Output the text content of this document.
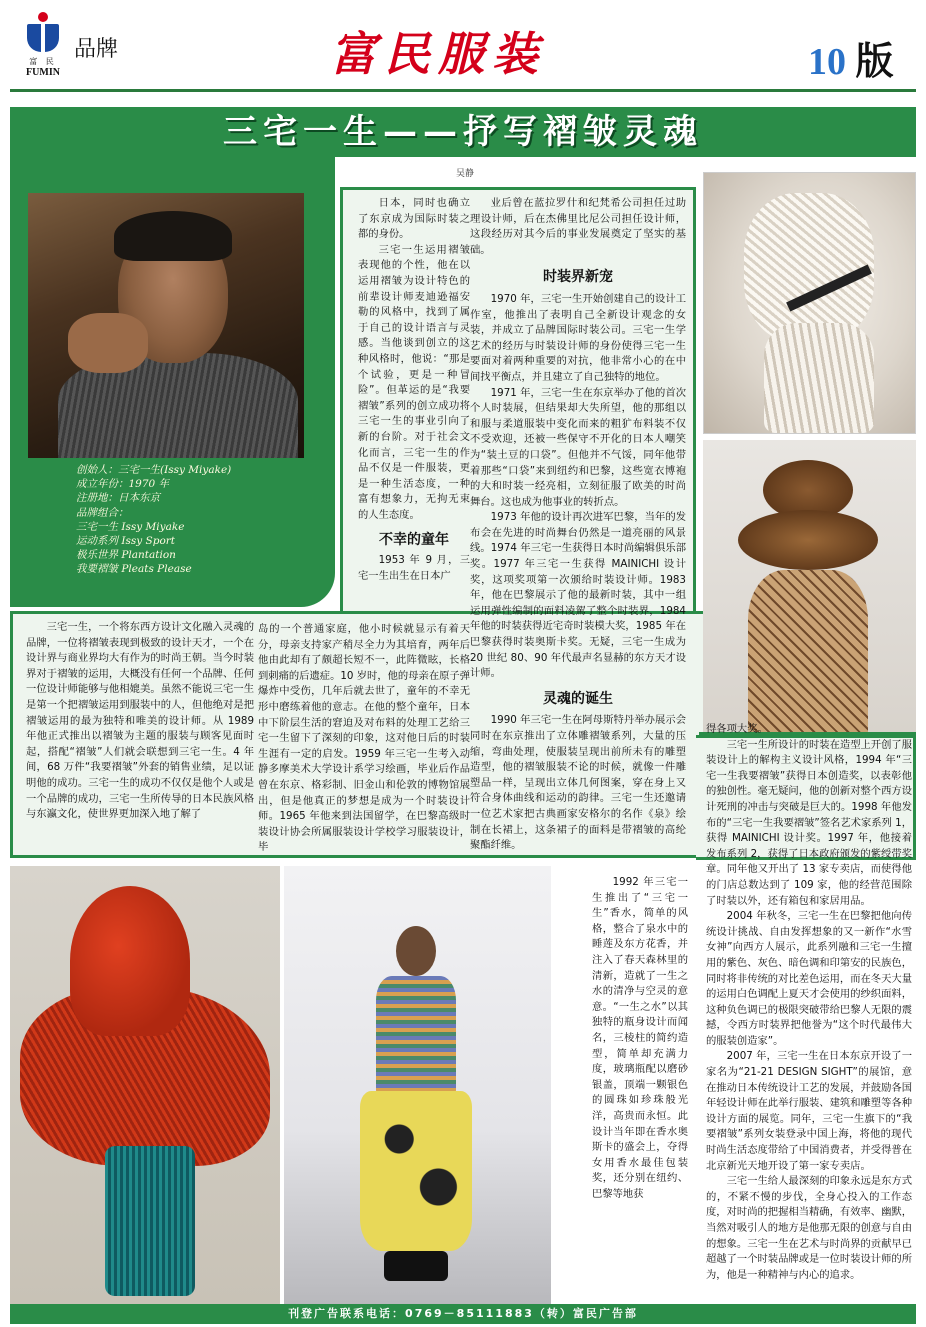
富 民
FUMIN
品牌	富民服装	10 版
三宅一生——抒写褶皱灵魂
吴静
创始人：三宅一生(Issy Miyake)
成立年份：1970 年
注册地：日本东京
品牌组合：
三宅一生 Issy Miyake
运动系列 Issy Sport
极乐世界 Plantation
我要褶皱 Pleats Please

日本，同时也确立了东京成为国际时装之都的身份。

三宅一生运用褶皱表现他的个性，他在以运用褶皱为设计特色的前辈设计师麦迪逊福安勒的风格中，找到了属于自己的设计语言与灵感。当他谈到创立的这种风格时，他说：“那是个试验，更是一种冒险”。但革运的是“我要褶皱”系列的创立成功将三宅一生的事业引向了新的台阶。对于社会文化而言，三宅一生的作品不仅是一件服装，更是一种生活态度，一种富有想象力，无拘无束的人生态度。

不幸的童年

1953 年 9 月，三宅一生出生在日本广

业后曾在蓝拉罗什和纪梵希公司担任过助理设计师，后在杰佛里比尼公司担任设计师，这段经历对其今后的事业发展奠定了坚实的基础。

时装界新宠

1970 年，三宅一生开始创建自己的设计工作室，他推出了表明自己全新设计观念的女装，并成立了品牌国际时装公司。三宅一生学艺术的经历与时装设计师的身份使得三宅一生要面对着两种重要的对抗，他非常小心的在中间找平衡点，并且建立了自己独特的地位。

1971 年，三宅一生在东京举办了他的首次个人时装展，但结果却大失所望，他的那组以和服与柔道服装中变化而来的粗犷布料装不仅不受欢迎，还被一些保守不开化的日本人嘲笑为“装土豆的口袋”。但他并不气馁，同年他带着那些“口袋”来到纽约和巴黎，这些宽衣博袍的大和时装一经亮相，立刻征服了欧美的时尚舞台。这也成为他事业的转折点。

1973 年他的设计再次进军巴黎，当年的发布会在先进的时尚舞台仍然是一道亮丽的风景线。1974 年三宅一生获得日本时尚编辑俱乐部奖。1977 年三宅一生获得 MAINICHI 设计奖，这项奖项第一次颁给时装设计师。1983 年，他在巴黎展示了他的最新时装，其中一组运用弹性编制的面料凌駕了整个时装界，1984 年他的时装获得近宅奇时装模大奖，1985 年在巴黎获得时装奥斯卡奖。无疑，三宅一生成为 20 世纪 80、90 年代最声名显赫的东方天才设计师。

灵魂的诞生

1990 年三宅一生在阿母斯特丹举办展示会同时在东京推出了立体雕褶皱系列，大量的压缩，弯曲处理，使服装呈现出前所未有的雕塑造型，他的褶皱服装不论的时候，就像一件雕塑品一样，呈现出立体几何图案，穿在身上又符合身体曲线和运动的韵律。三宅一生还邀请一位艺术家把古典画家安格尔的名作《泉》绘制在长裙上，这条裙子的面料是带褶皱的高纶聚酯纤维。

三宅一生，一个将东西方设计文化融入灵魂的品牌，一位将褶皱表现到极致的设计天才，一个在设计界与商业界均大有作为的时尚王朝。当今时装界对于褶皱的运用，大概没有任何一个品牌、任何一位设计师能够与他相媲美。虽然不能说三宅一生是第一个把褶皱运用到服装中的人，但他绝对是把褶皱运用的最为独特和唯美的设计师。从 1989 年他正式推出以褶皱为主题的服装与顾客见面时起，搭配“褶皱”人们就会联想到三宅一生。4 年间，68 万件“我要褶皱”外套的销售业绩，足以证明他的成功。三宅一生的成功不仅仅是他个人或是一个品牌的成功，三宅一生所传导的日本民族风格与东瀛文化，使世界更加深入地了解了

岛的一个普通家庭，他小时候就显示有着天分，母亲支持家产稍尽全力为其培育，两年后他由此却有了颇超长短不一，此阵微眩，长格到刺痛的后遗症。10 岁时，他的母亲在原子弹爆炸中受伤，几年后就去世了，童年的不幸无形中磨练着他的意志。在他的整个童年，日本中下阶层生活的窘迫及对布料的处理工艺给三宅一生留下了深刻的印象，这对他日后的时装生涯有一定的启发。1959 年三宅一生考入动静多摩美术大学设计系学习绘画，毕业后作品曾在东京、格彩制、旧金山和伦敦的博物馆展出，但是他真正的梦想是成为一个时装设计师。1965 年他来到法国留学，在巴黎高级时装设计协会所属服装设计学校学习服装设计，毕

1992 年三宅一生推出了“三宅一生”香水，简单的风格，整合了泉水中的睡莲及东方花香，并注入了春天森林里的清新，造就了一生之水的清净与空灵的意意。“一生之水”以其独特的瓶身设计而闻名，三棱柱的简约造型，简单却充满力度，玻璃瓶配以磨砂银盖，顶端一颗银色的圆珠如珍珠般光洋，高贵而永恒。此设计当年即在香水奥斯卡的盛会上，夺得女用香水最佳包装奖，还分别在纽约、巴黎等地获

得各项大奖。

三宅一生所设计的时装在造型上开创了服装设计上的解构主义设计风格，1994 年“三宅一生我要褶皱”获得日本创造奖，以表彰他的独创性。毫无疑问，他的创新对整个西方设计死刑的冲击与突破是巨大的。1998 年他发布的“三宅一生我要褶皱”签名艺术家系列 1，获得 MAINICHI 设计奖。1997 年，他接着发布系列 2，获得了日本政府颁发的紫绶带奖章。同年他又开出了 13 家专卖店，而使得他的门店总数达到了 109 家，他的经营范围除了时装以外，还有箱包和家居用品。

2004 年秋冬，三宅一生在巴黎把他向传统设计挑战、自由发挥想象的又一新作“水雪女神”向西方人展示，此系列融和三宅一生擅用的紫色、灰色、暗色调和印第安的民族色，同时将非传统的对比差色运用，而在冬天大量的运用白色调配上夏天才会使用的纱织面料，这种负色调已的极限突破带给巴黎人无限的震撼，令西方时装界把他誉为“这个时代最伟大的服装创造家”。

2007 年，三宅一生在日本东京开设了一家名为“21-21 DESIGN SIGHT”的展馆，意在推动日本传统设计工艺的发展，并鼓励各国年轻设计师在此举行服装、建筑和雕塑等各种设计方面的展览。同年，三宅一生旗下的“我要褶皱”系列女装登录中国上海，将他的现代时尚生活态度带给了中国消费者，并受得普在北京新光天地开设了第一家专卖店。

三宅一生给人最深刻的印象永远是东方式的，不紧不慢的步伐，全身心投入的工作态度，对时尚的把握相当精确，有效率、幽默，当然对吸引人的地方是他那无限的创意与自由的想象。三宅一生在艺术与时尚界的贡献早已超越了一个时装品牌或是一位时装设计师的所为，他是一种精神与内心的追求。

刊登广告联系电话：0769－85111883（转）富民广告部
